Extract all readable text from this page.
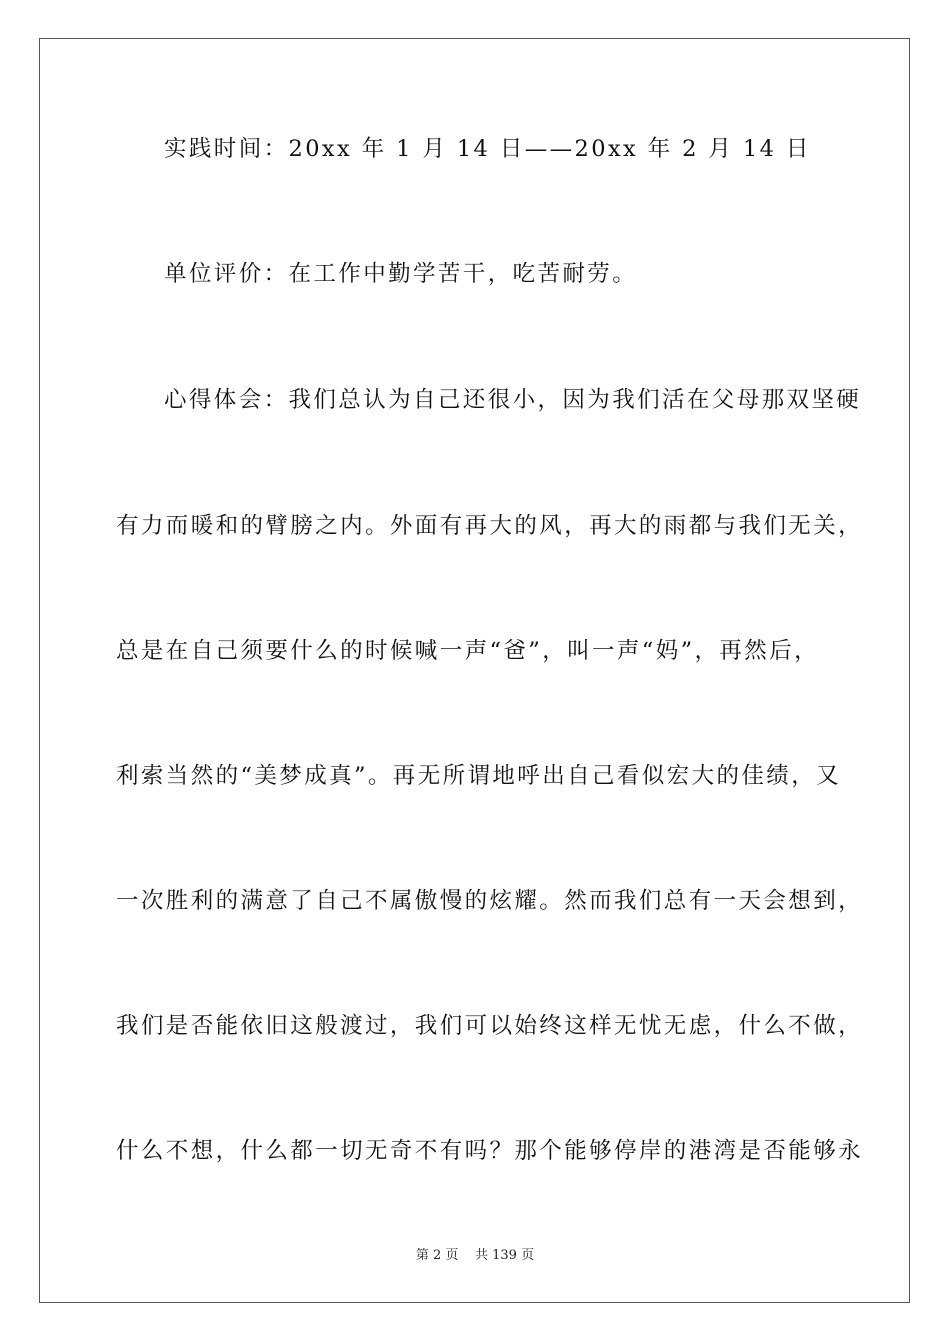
实践时间：20xx 年 1 月 14 日——20xx 年 2 月 14 日
单位评价：在工作中勤学苦干，吃苦耐劳。
心得体会：我们总认为自己还很小，因为我们活在父母那双坚硬
有力而暖和的臂膀之内。外面有再大的风，再大的雨都与我们无关，
总是在自己须要什么的时候喊一声“爸”，叫一声“妈”，再然后，
利索当然的“美梦成真”。再无所谓地呼出自己看似宏大的佳绩，又
一次胜利的满意了自己不属傲慢的炫耀。然而我们总有一天会想到，
我们是否能依旧这般渡过，我们可以始终这样无忧无虑，什么不做，
什么不想，什么都一切无奇不有吗？那个能够停岸的港湾是否能够永
第 2 页    共 139 页
